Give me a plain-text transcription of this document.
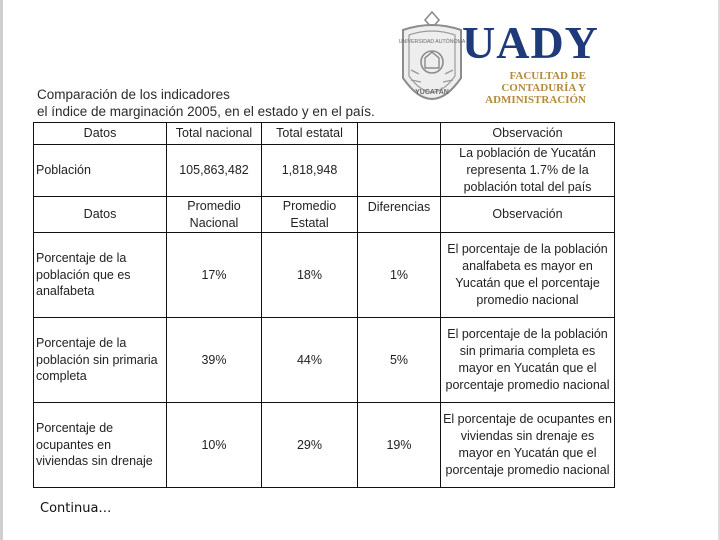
Comparación de los indicadores
el índice de marginación 2005, en el estado y en el país.
UNIVERSIDAD AUTÓNOMA
YUCATÁN
UADY
FACULTAD DE
CONTADURÍA Y
ADMINISTRACIÓN
Datos	Total nacional	Total estatal		Observación
Población	105,863,482	1,818,948		La población de Yucatán representa 1.7% de la población total del país
Datos	Promedio Nacional	Promedio Estatal	Diferencias	Observación
Porcentaje de la población que es analfabeta	17%	18%	1%	El porcentaje de la población analfabeta es mayor en Yucatán que el porcentaje promedio nacional
Porcentaje de la población sin primaria completa	39%	44%	5%	El porcentaje de la población sin primaria completa es mayor en Yucatán que el porcentaje promedio nacional
Porcentaje de ocupantes en viviendas sin drenaje	10%	29%	19%	El porcentaje de ocupantes en viviendas sin drenaje es mayor en Yucatán que el porcentaje promedio nacional
Continua…
